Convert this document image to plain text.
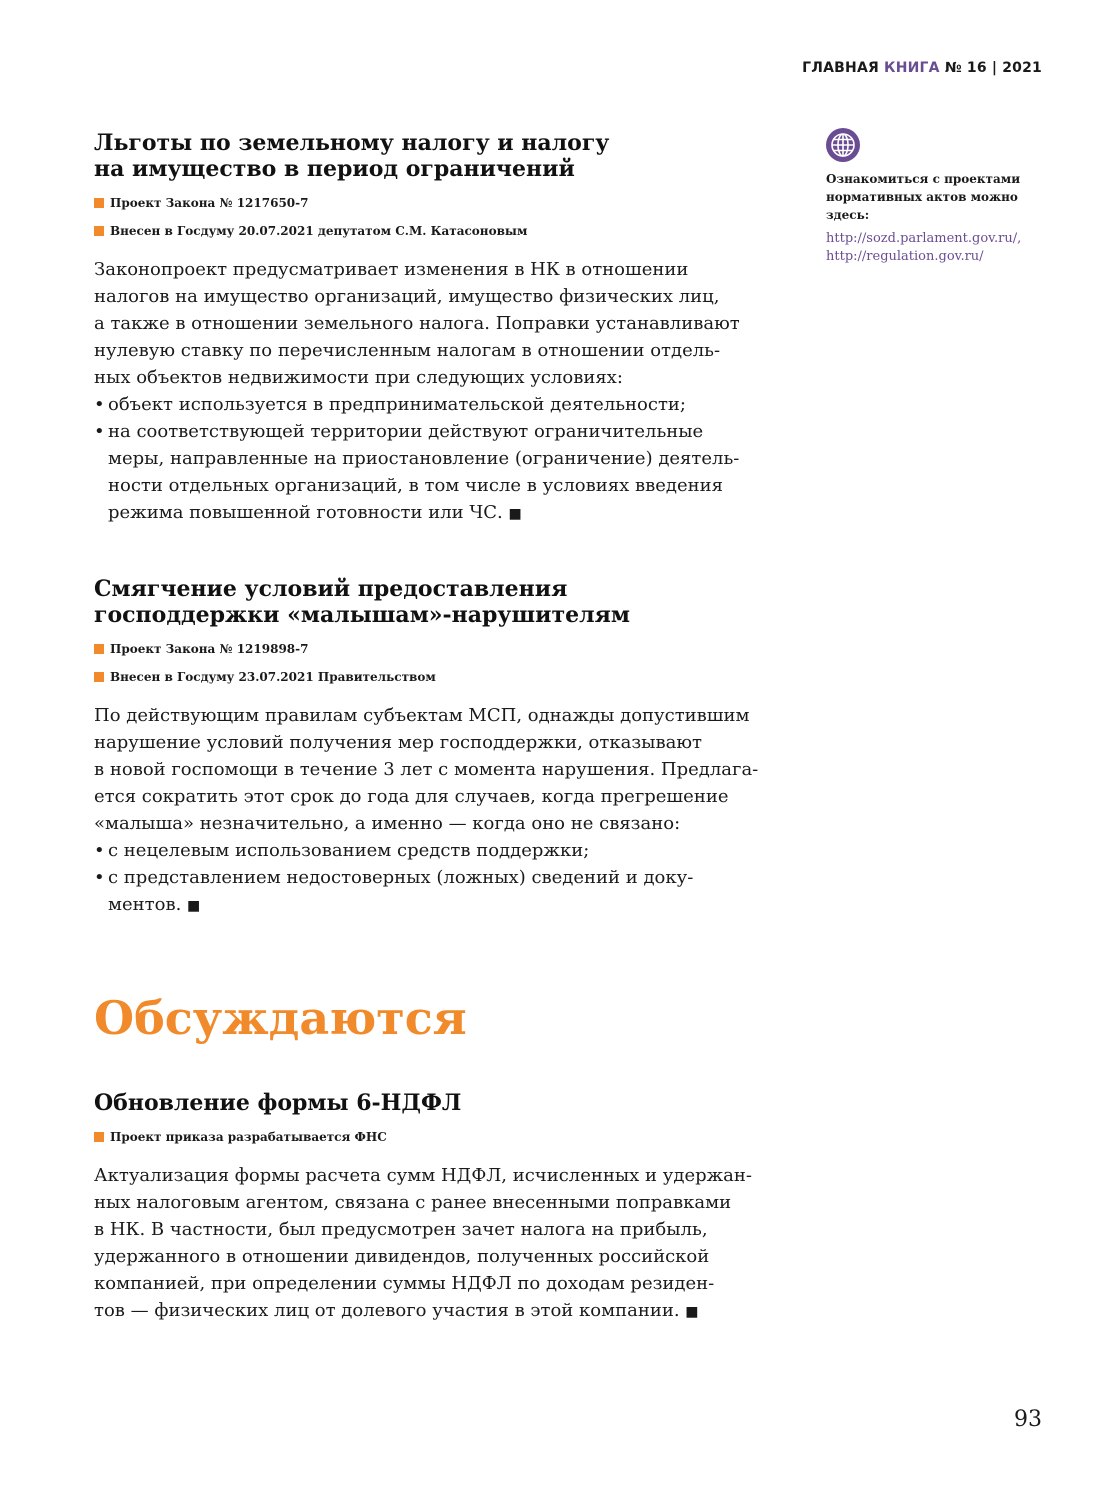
ГЛАВНАЯ КНИГА № 16 | 2021
Льготы по земельному налогу и налогу
на имущество в период ограничений
Проект Закона № 1217650-7
Внесен в Госдуму 20.07.2021 депутатом С.М. Катасоновым

Законопроект предусматривает изменения в НК в отношении

налогов на имущество организаций, имущество физических лиц,

а также в отношении земельного налога. Поправки устанавливают

нулевую ставку по перечисленным налогам в отношении отдель-

ных объектов недвижимости при следующих условиях:

• объект используется в предпринимательской деятельности;

• на соответствующей территории действуют ограничительные

меры, направленные на приостановление (ограничение) деятель-

ности отдельных организаций, в том числе в условиях введения

режима повышенной готовности или ЧС. ■

Смягчение условий предоставления
господдержки «малышам»-нарушителям
Проект Закона № 1219898-7
Внесен в Госдуму 23.07.2021 Правительством

По действующим правилам субъектам МСП, однажды допустившим

нарушение условий получения мер господдержки, отказывают

в новой госпомощи в течение 3 лет с момента нарушения. Предлага-

ется сократить этот срок до года для случаев, когда прегрешение

«малыша» незначительно, а именно — когда оно не связано:

• с нецелевым использованием средств поддержки;

• с представлением недостоверных (ложных) сведений и доку-

ментов. ■

Обсуждаются
Обновление формы 6-НДФЛ
Проект приказа разрабатывается ФНС

Актуализация формы расчета сумм НДФЛ, исчисленных и удержан-

ных налоговым агентом, связана с ранее внесенными поправками

в НК. В частности, был предусмотрен зачет налога на прибыль,

удержанного в отношении дивидендов, полученных российской

компанией, при определении суммы НДФЛ по доходам резиден-

тов — физических лиц от долевого участия в этой компании. ■

Ознакомиться с проектами нормативных актов можно здесь:
http://sozd.parlament.gov.ru/,
http://regulation.gov.ru/
93
